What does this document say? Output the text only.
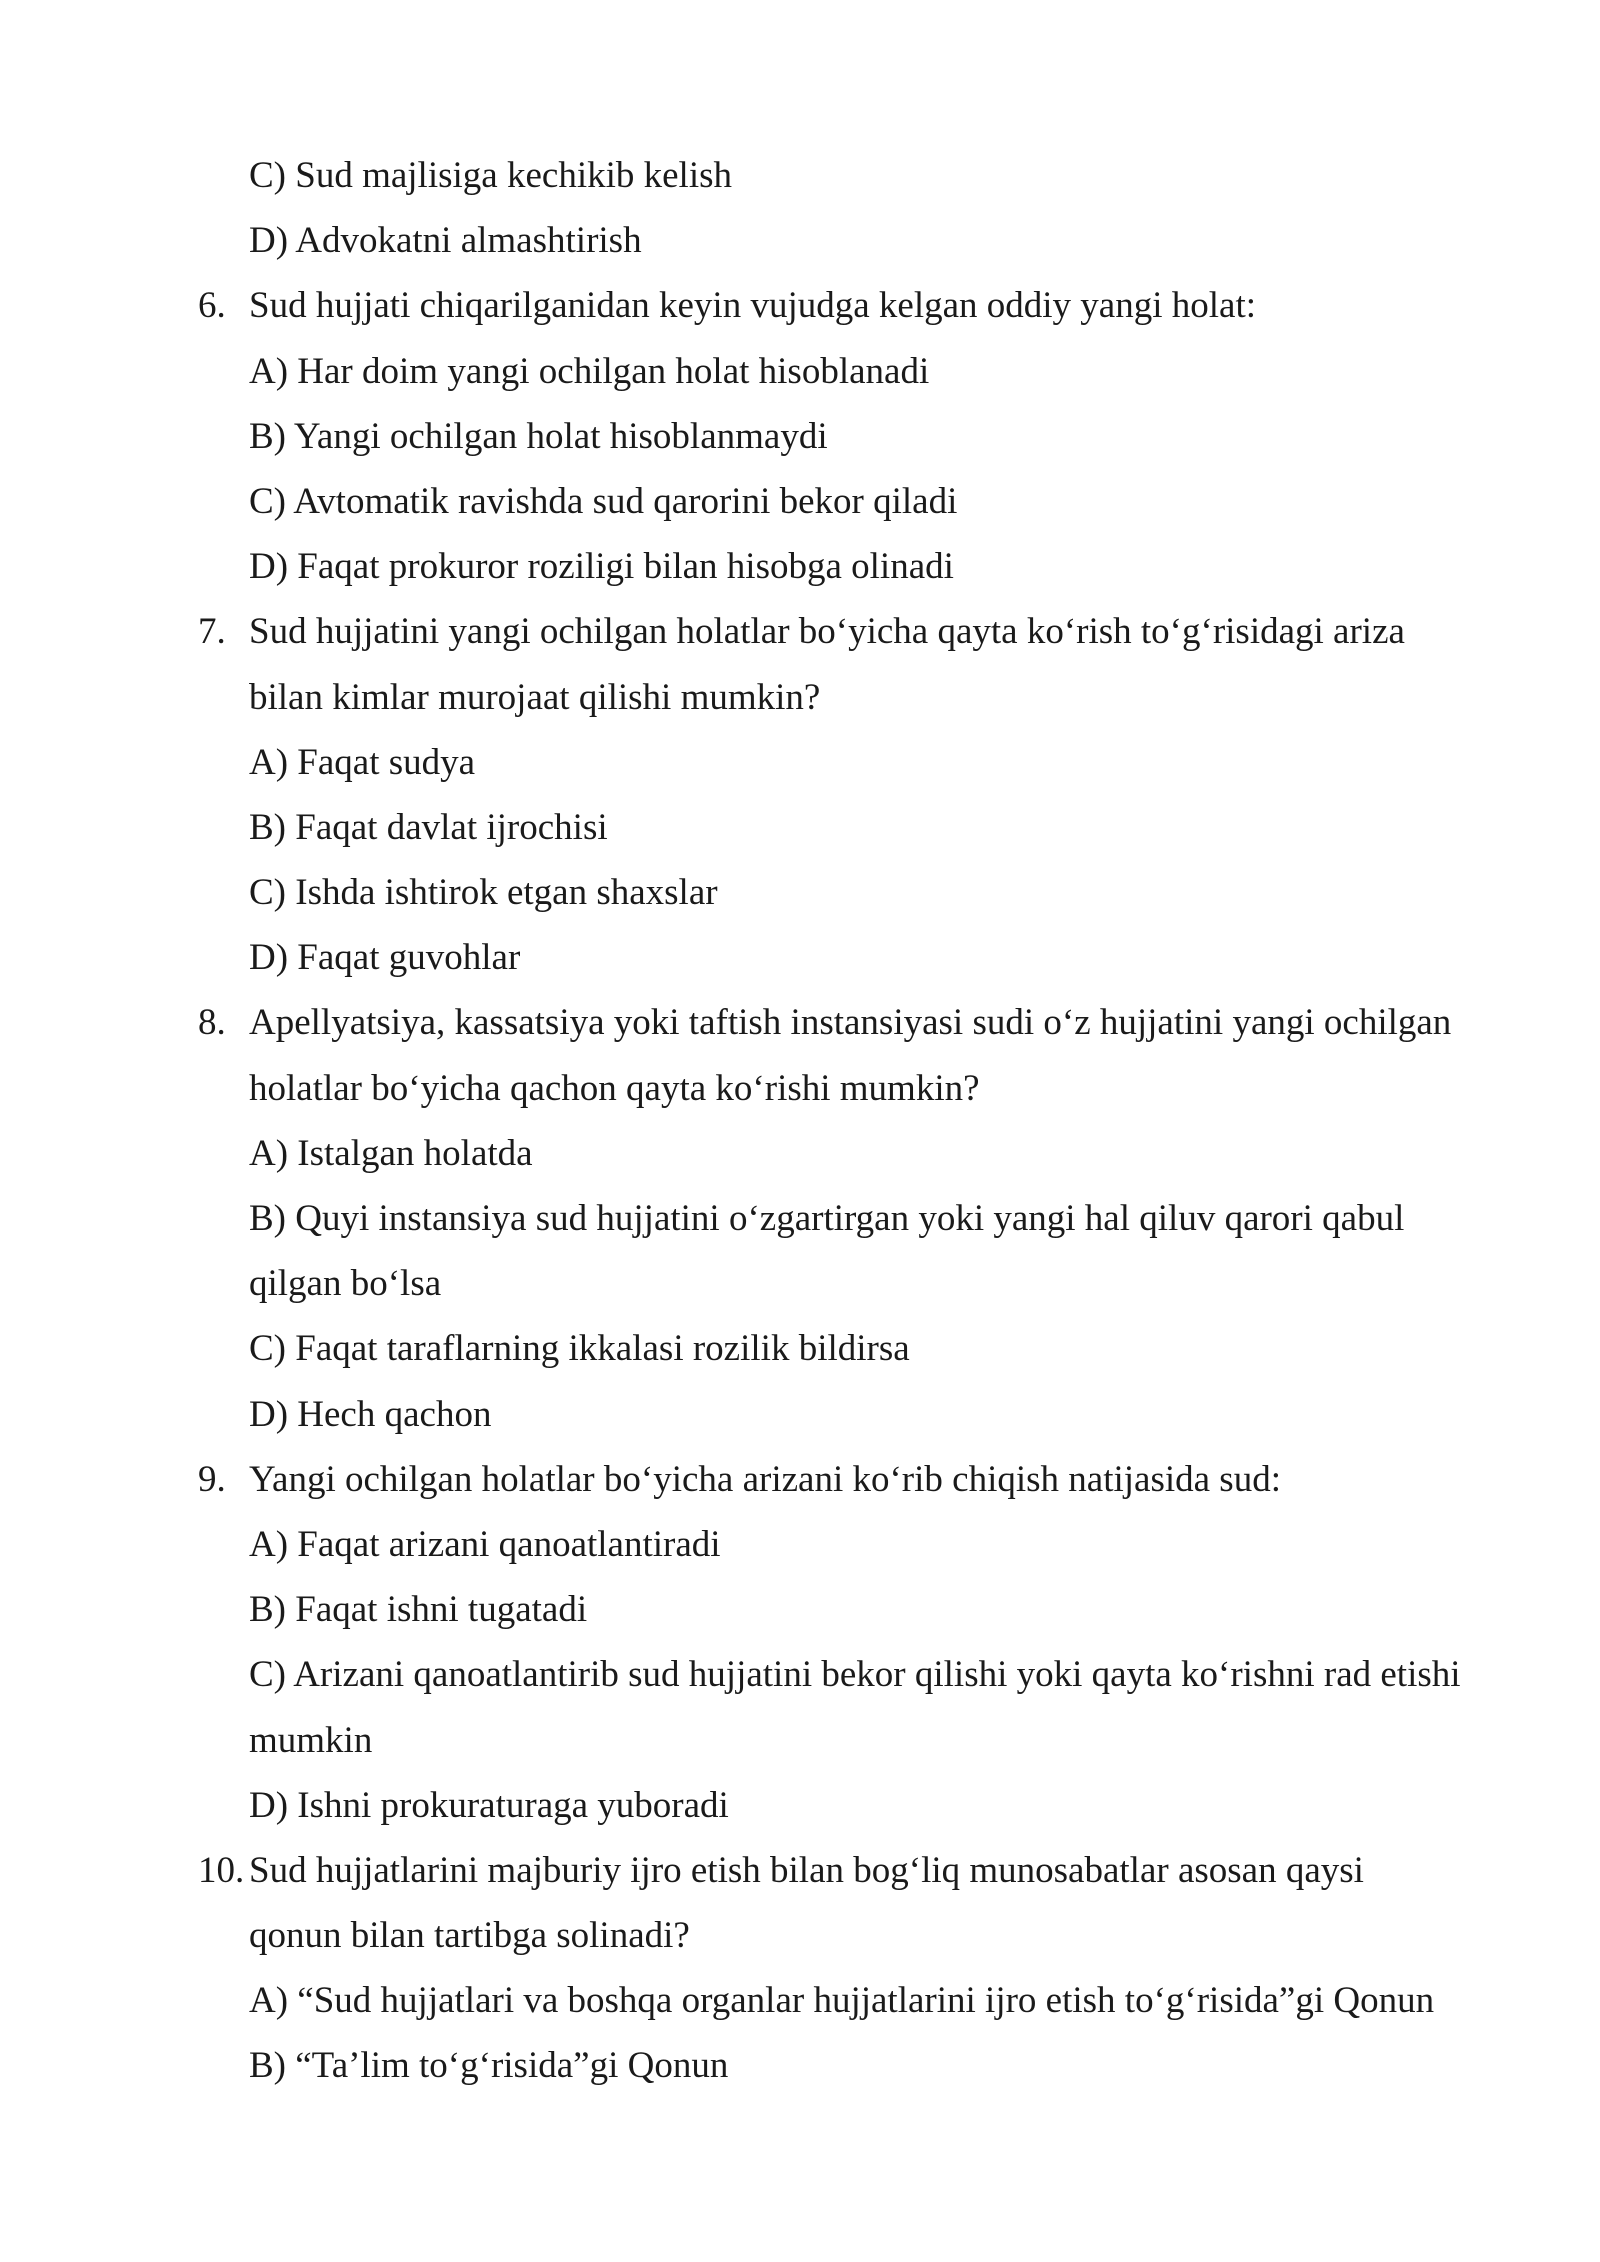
C) Sud majlisiga kechikib kelish
D) Advokatni almashtirish
6. Sud hujjati chiqarilganidan keyin vujudga kelgan oddiy yangi holat:
A) Har doim yangi ochilgan holat hisoblanadi
B) Yangi ochilgan holat hisoblanmaydi
C) Avtomatik ravishda sud qarorini bekor qiladi
D) Faqat prokuror roziligi bilan hisobga olinadi
7. Sud hujjatini yangi ochilgan holatlar bo‘yicha qayta ko‘rish to‘g‘risidagi ariza
bilan kimlar murojaat qilishi mumkin?
A) Faqat sudya
B) Faqat davlat ijrochisi
C) Ishda ishtirok etgan shaxslar
D) Faqat guvohlar
8. Apellyatsiya, kassatsiya yoki taftish instansiyasi sudi o‘z hujjatini yangi ochilgan
holatlar bo‘yicha qachon qayta ko‘rishi mumkin?
A) Istalgan holatda
B) Quyi instansiya sud hujjatini o‘zgartirgan yoki yangi hal qiluv qarori qabul
qilgan bo‘lsa
C) Faqat taraflarning ikkalasi rozilik bildirsa
D) Hech qachon
9. Yangi ochilgan holatlar bo‘yicha arizani ko‘rib chiqish natijasida sud:
A) Faqat arizani qanoatlantiradi
B) Faqat ishni tugatadi
C) Arizani qanoatlantirib sud hujjatini bekor qilishi yoki qayta ko‘rishni rad etishi
mumkin
D) Ishni prokuraturaga yuboradi
10. Sud hujjatlarini majburiy ijro etish bilan bog‘liq munosabatlar asosan qaysi
qonun bilan tartibga solinadi?
A) “Sud hujjatlari va boshqa organlar hujjatlarini ijro etish to‘g‘risida”gi Qonun
B) “Ta’lim to‘g‘risida”gi Qonun
